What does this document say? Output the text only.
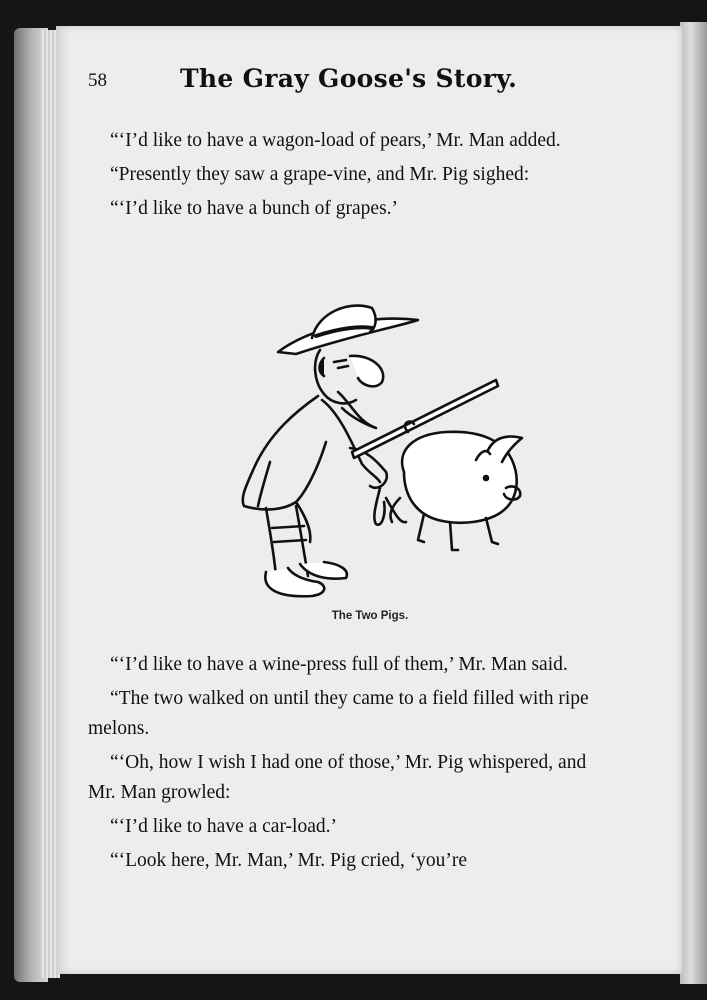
58	The Gray Goose's Story.

“‘I’d like to have a wagon-load of pears,’ Mr. Man added.

“Presently they saw a grape-vine, and Mr. Pig sighed:

“‘I’d like to have a bunch of grapes.’

The Two Pigs.

“‘I’d like to have a wine-press full of them,’ Mr. Man said.

“The two walked on until they came to a field filled with ripe melons.

“‘Oh, how I wish I had one of those,’ Mr. Pig whispered, and Mr. Man growled:

“‘I’d like to have a car-load.’

“‘Look here, Mr. Man,’ Mr. Pig cried, ‘you’re
